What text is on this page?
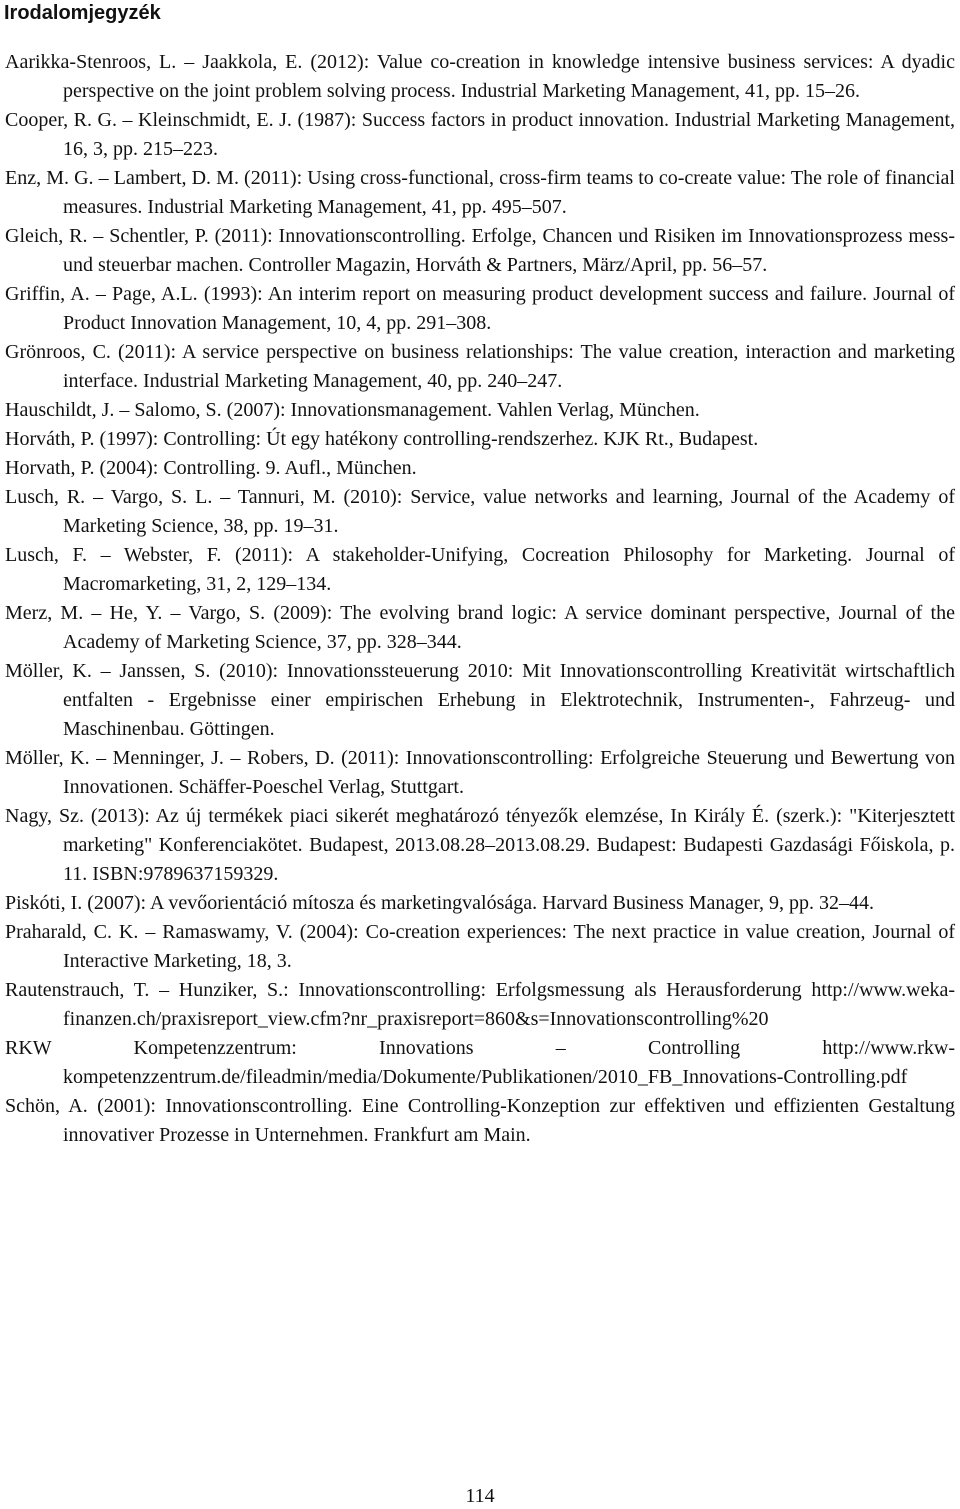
Irodalomjegyzék
Aarikka-Stenroos, L. – Jaakkola, E. (2012): Value co-creation in knowledge intensive business services: A dyadic perspective on the joint problem solving process. Industrial Marketing Management, 41, pp. 15–26.
Cooper, R. G. – Kleinschmidt, E. J. (1987): Success factors in product innovation. Industrial Marketing Management, 16, 3, pp. 215–223.
Enz, M. G. – Lambert, D. M. (2011): Using cross-functional, cross-firm teams to co-create value: The role of financial measures. Industrial Marketing Management, 41, pp. 495–507.
Gleich, R. – Schentler, P. (2011): Innovationscontrolling. Erfolge, Chancen und Risiken im Innovationsprozess mess- und steuerbar machen. Controller Magazin, Horváth & Partners, März/April, pp. 56–57.
Griffin, A. – Page, A.L. (1993): An interim report on measuring product development success and failure. Journal of Product Innovation Management, 10, 4, pp. 291–308.
Grönroos, C. (2011): A service perspective on business relationships: The value creation, interaction and marketing interface. Industrial Marketing Management, 40, pp. 240–247.
Hauschildt, J. – Salomo, S. (2007): Innovationsmanagement. Vahlen Verlag, München.
Horváth, P. (1997): Controlling: Út egy hatékony controlling-rendszerhez. KJK Rt., Budapest.
Horvath, P. (2004): Controlling. 9. Aufl., München.
Lusch, R. – Vargo, S. L. – Tannuri, M. (2010): Service, value networks and learning, Journal of the Academy of Marketing Science, 38, pp. 19–31.
Lusch, F. – Webster, F. (2011): A stakeholder-Unifying, Cocreation Philosophy for Marketing. Journal of Macromarketing, 31, 2, 129–134.
Merz, M. – He, Y. – Vargo, S. (2009): The evolving brand logic: A service dominant perspective, Journal of the Academy of Marketing Science, 37, pp. 328–344.
Möller, K. – Janssen, S. (2010): Innovationssteuerung 2010: Mit Innovationscontrolling Kreativität wirtschaftlich entfalten - Ergebnisse einer empirischen Erhebung in Elektrotechnik, Instrumenten-, Fahrzeug- und Maschinenbau. Göttingen.
Möller, K. – Menninger, J. – Robers, D. (2011): Innovationscontrolling: Erfolgreiche Steuerung und Bewertung von Innovationen. Schäffer-Poeschel Verlag, Stuttgart.
Nagy, Sz. (2013): Az új termékek piaci sikerét meghatározó tényezők elemzése, In Király É. (szerk.): "Kiterjesztett marketing" Konferenciakötet. Budapest, 2013.08.28–2013.08.29. Budapest: Budapesti Gazdasági Főiskola, p. 11. ISBN:9789637159329.
Piskóti, I. (2007): A vevőorientáció mítosza és marketingvalósága. Harvard Business Manager, 9, pp. 32–44.
Praharald, C. K. – Ramaswamy, V. (2004): Co-creation experiences: The next practice in value creation, Journal of Interactive Marketing, 18, 3.
Rautenstrauch, T. – Hunziker, S.: Innovationscontrolling: Erfolgsmessung als Herausforderung http://www.weka-finanzen.ch/praxisreport_view.cfm?nr_praxisreport=860&s=Innovationscontrolling%20
RKW Kompetenzzentrum: Innovations – Controlling http://www.rkw-kompetenzzentrum.de/fileadmin/media/Dokumente/Publikationen/2010_FB_Innovations-Controlling.pdf
Schön, A. (2001): Innovationscontrolling. Eine Controlling-Konzeption zur effektiven und effizienten Gestaltung innovativer Prozesse in Unternehmen. Frankfurt am Main.
114
